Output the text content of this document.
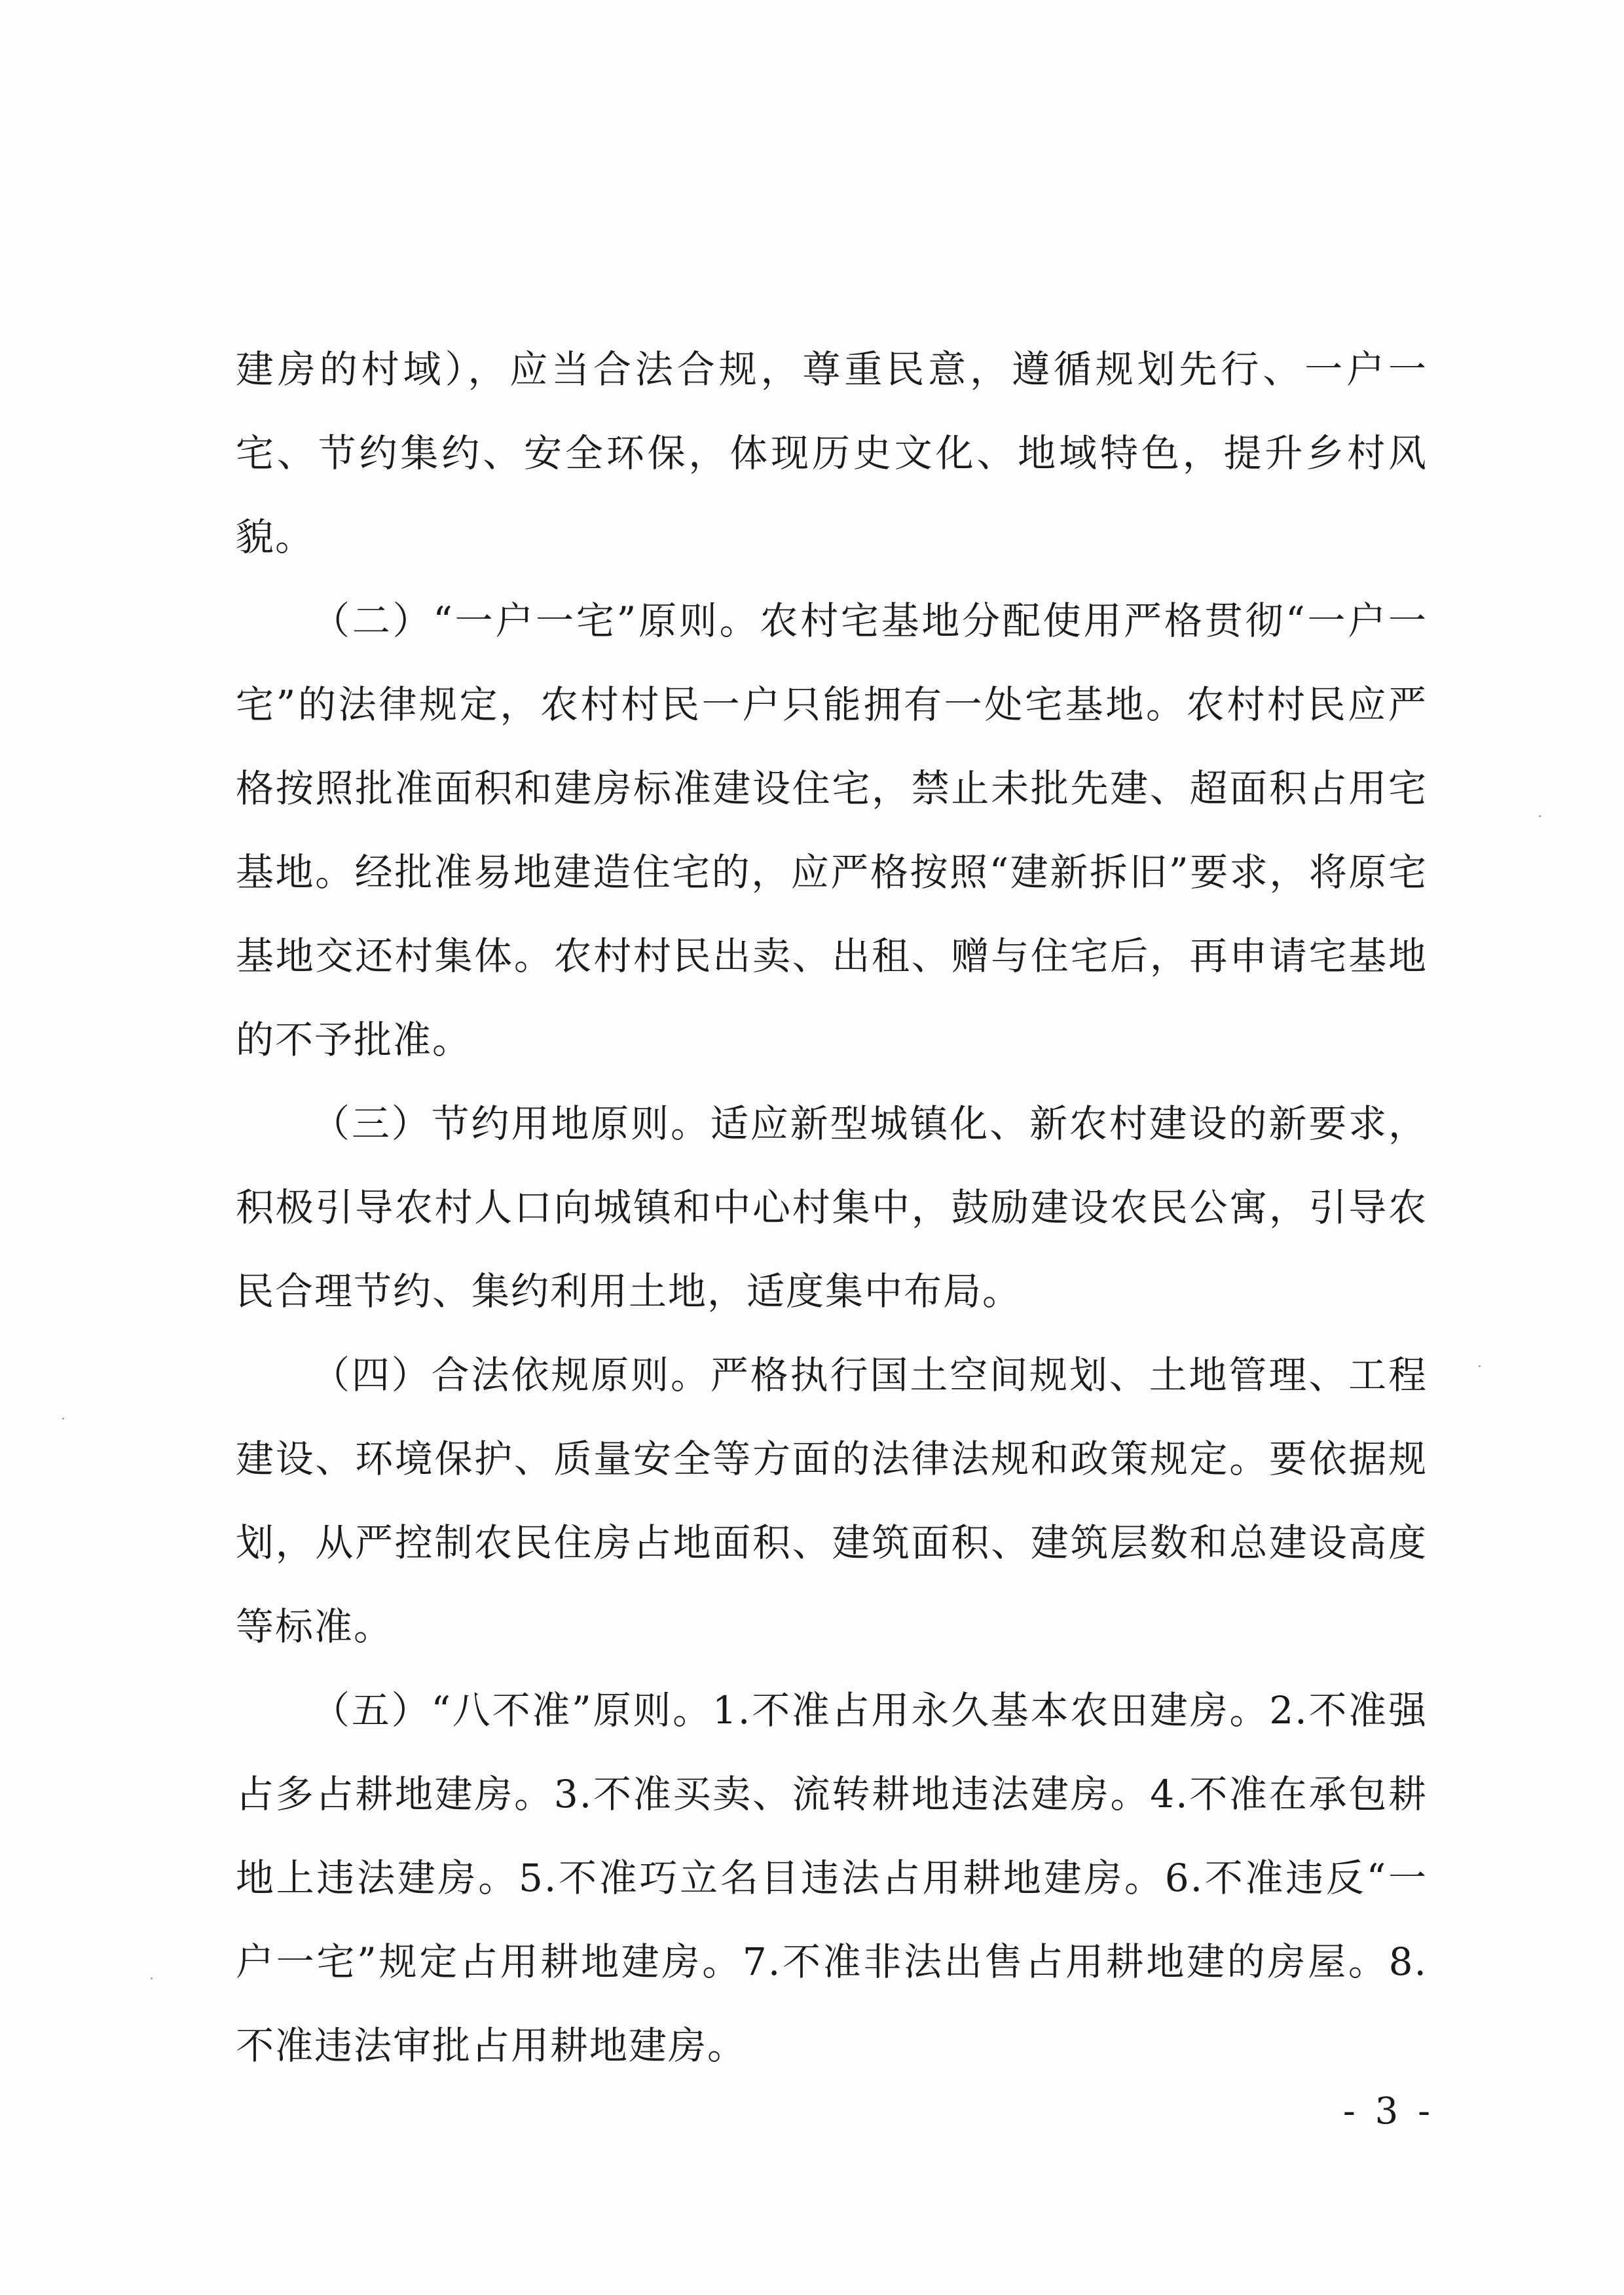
建房的村域），应当合法合规，尊重民意，遵循规划先行、一户一宅、节约集约、安全环保，体现历史文化、地域特色，提升乡村风貌。

（二）“一户一宅”原则。农村宅基地分配使用严格贯彻“一户一宅”的法律规定，农村村民一户只能拥有一处宅基地。农村村民应严格按照批准面积和建房标准建设住宅，禁止未批先建、超面积占用宅基地。经批准易地建造住宅的，应严格按照“建新拆旧”要求，将原宅基地交还村集体。农村村民出卖、出租、赠与住宅后，再申请宅基地的不予批准。

（三）节约用地原则。适应新型城镇化、新农村建设的新要求，积极引导农村人口向城镇和中心村集中，鼓励建设农民公寓，引导农民合理节约、集约利用土地，适度集中布局。

（四）合法依规原则。严格执行国土空间规划、土地管理、工程建设、环境保护、质量安全等方面的法律法规和政策规定。要依据规划，从严控制农民住房占地面积、建筑面积、建筑层数和总建设高度等标准。

（五）“八不准”原则。1.不准占用永久基本农田建房。2.不准强占多占耕地建房。3.不准买卖、流转耕地违法建房。4.不准在承包耕地上违法建房。5.不准巧立名目违法占用耕地建房。6.不准违反“一户一宅”规定占用耕地建房。7.不准非法出售占用耕地建的房屋。8.不准违法审批占用耕地建房。

- 3 -
